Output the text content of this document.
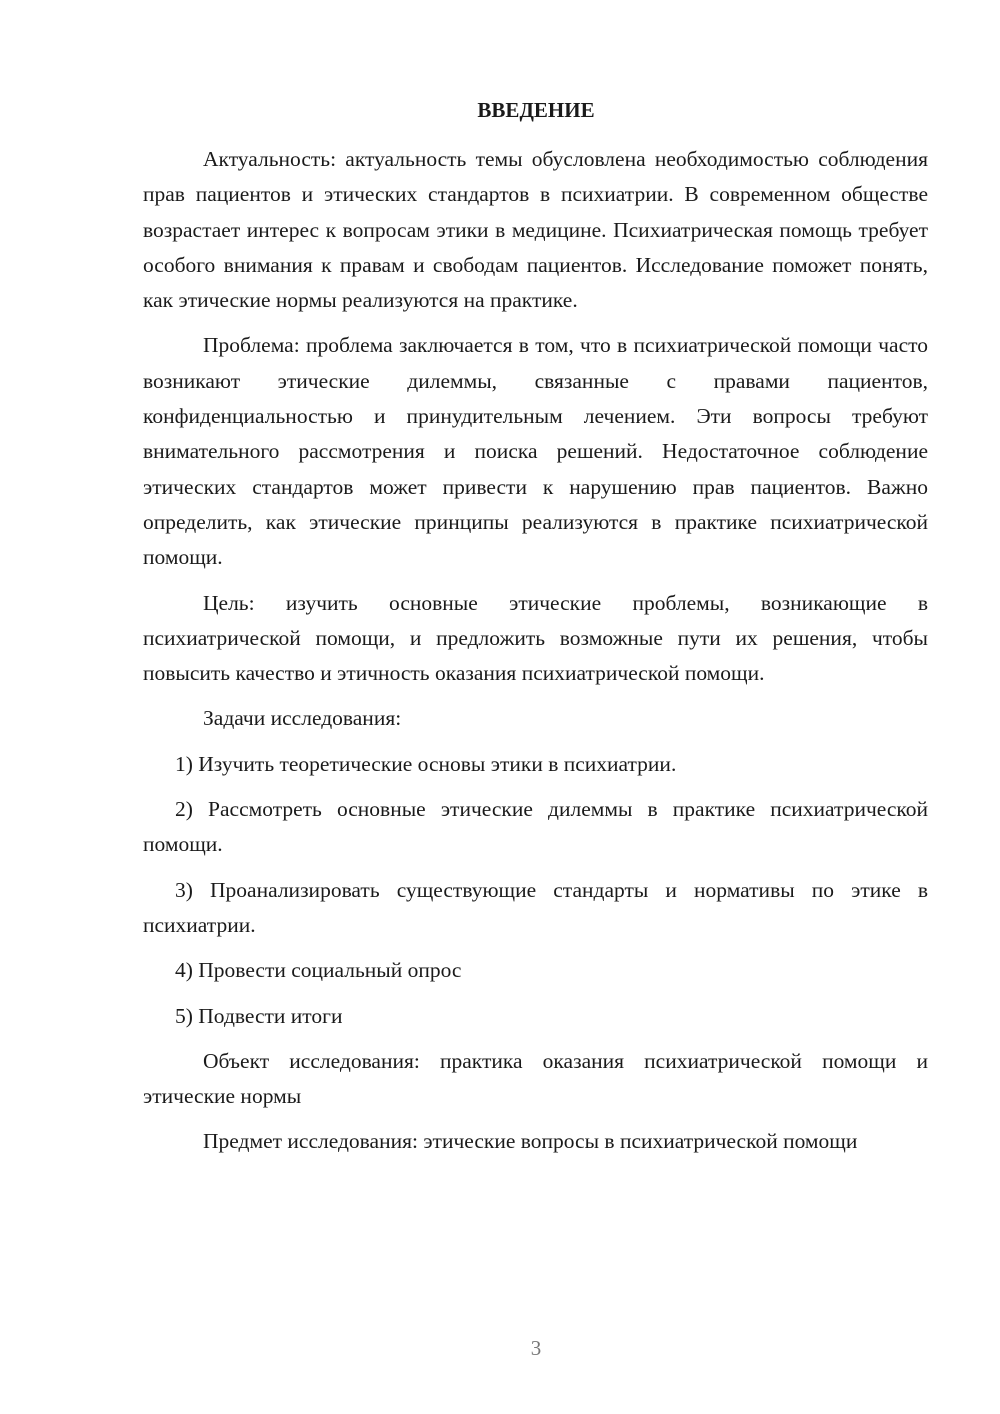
ВВЕДЕНИЕ

Актуальность: актуальность темы обусловлена необходимостью соблюдения прав пациентов и этических стандартов в психиатрии. В современном обществе возрастает интерес к вопросам этики в медицине. Психиатрическая помощь требует особого внимания к правам и свободам пациентов. Исследование поможет понять, как этические нормы реализуются на практике.

Проблема: проблема заключается в том, что в психиатрической помощи часто возникают этические дилеммы, связанные с правами пациентов, конфиденциальностью и принудительным лечением. Эти вопросы требуют внимательного рассмотрения и поиска решений. Недостаточное соблюдение этических стандартов может привести к нарушению прав пациентов. Важно определить, как этические принципы реализуются в практике психиатрической помощи.

Цель: изучить основные этические проблемы, возникающие в психиатрической помощи, и предложить возможные пути их решения, чтобы повысить качество и этичность оказания психиатрической помощи.

Задачи исследования:

1) Изучить теоретические основы этики в психиатрии.

2) Рассмотреть основные этические дилеммы в практике психиатрической помощи.

3) Проанализировать существующие стандарты и нормативы по этике в психиатрии.

4) Провести социальный опрос

5) Подвести итоги

Объект исследования: практика оказания психиатрической помощи и этические нормы

Предмет исследования: этические вопросы в психиатрической помощи

3
